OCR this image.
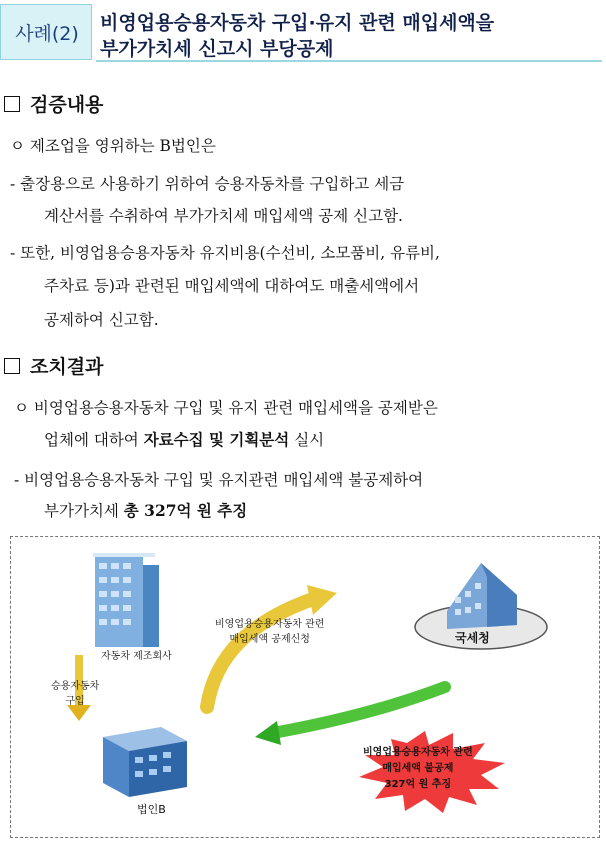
사례(2)	비영업용승용자동차 구입·유지 관련 매입세액을
부가가치세 신고시 부당공제
검증내용
ㅇ 제조업을 영위하는 B법인은
- 출장용으로 사용하기 위하여 승용자동차를 구입하고 세금
계산서를 수취하여 부가가치세 매입세액 공제 신고함.
- 또한, 비영업용승용자동차 유지비용(수선비, 소모품비, 유류비,
주차료 등)과 관련된 매입세액에 대하여도 매출세액에서
공제하여 신고함.
조치결과
ㅇ 비영업용승용자동차 구입 및 유지 관련 매입세액을 공제받은
업체에 대하여 자료수집 및 기획분석 실시
- 비영업용승용자동차 구입 및 유지관련 매입세액 불공제하여
부가가치세 총 327억 원 추징
자동차 제조회사
승용자동차
구입
비영업용승용자동차 관련
매입세액 공제신청	국세청
법인B
비영업용승용자동차 관련
매입세액 불공제
327억 원 추징
